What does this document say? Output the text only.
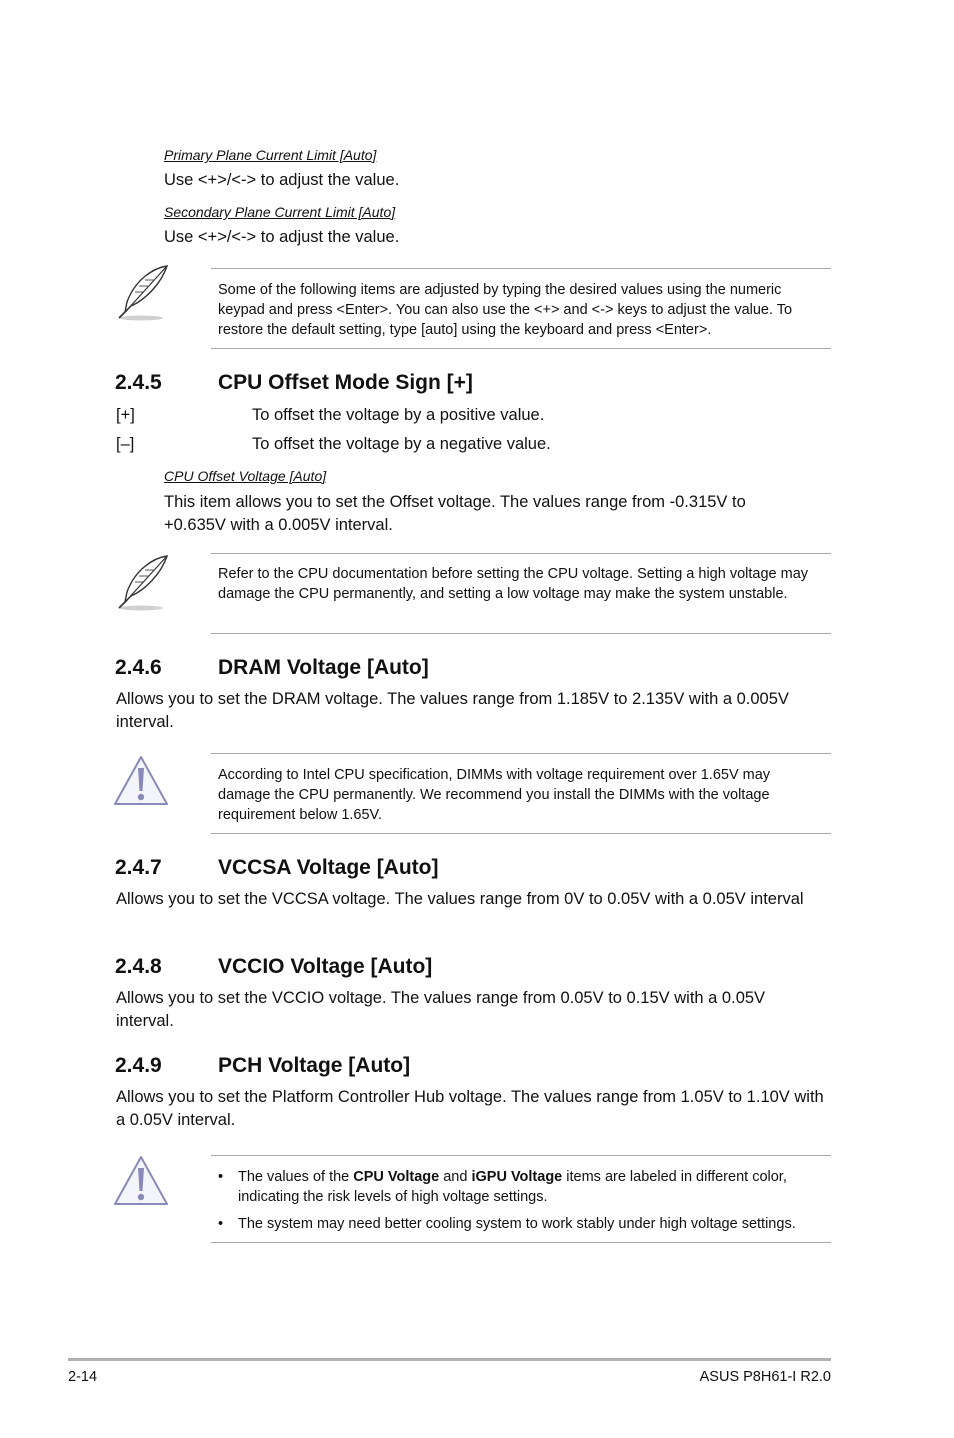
Primary Plane Current Limit [Auto]
Use <+>/<-> to adjust the value.
Secondary Plane Current Limit [Auto]
Use <+>/<-> to adjust the value.
Some of the following items are adjusted by typing the desired values using the numeric keypad and press <Enter>. You can also use the <+> and <-> keys to adjust the value. To restore the default setting, type [auto] using the keyboard and press <Enter>.
2.4.5	CPU Offset Mode Sign [+]
[+]	To offset the voltage by a positive value.
[–]	To offset the voltage by a negative value.
CPU Offset Voltage [Auto]
This item allows you to set the Offset voltage. The values range from -0.315V to +0.635V with a 0.005V interval.
Refer to the CPU documentation before setting the CPU voltage. Setting a high voltage may damage the CPU permanently, and setting a low voltage may make the system unstable.
2.4.6	DRAM Voltage [Auto]
Allows you to set the DRAM voltage. The values range from 1.185V to 2.135V with a 0.005V interval.
According to Intel CPU specification, DIMMs with voltage requirement over 1.65V may damage the CPU permanently. We recommend you install the DIMMs with the voltage requirement below 1.65V.
2.4.7	VCCSA Voltage [Auto]
Allows you to set the VCCSA voltage. The values range from 0V to 0.05V with a 0.05V interval
2.4.8	VCCIO Voltage [Auto]
Allows you to set the VCCIO voltage. The values range from 0.05V to 0.15V with a 0.05V interval.
2.4.9	PCH Voltage [Auto]
Allows you to set the Platform Controller Hub voltage. The values range from 1.05V to 1.10V with a 0.05V interval.
• The values of the CPU Voltage and iGPU Voltage items are labeled in different color, indicating the risk levels of high voltage settings.
• The system may need better cooling system to work stably under high voltage settings.
2-14	ASUS P8H61-I R2.0
